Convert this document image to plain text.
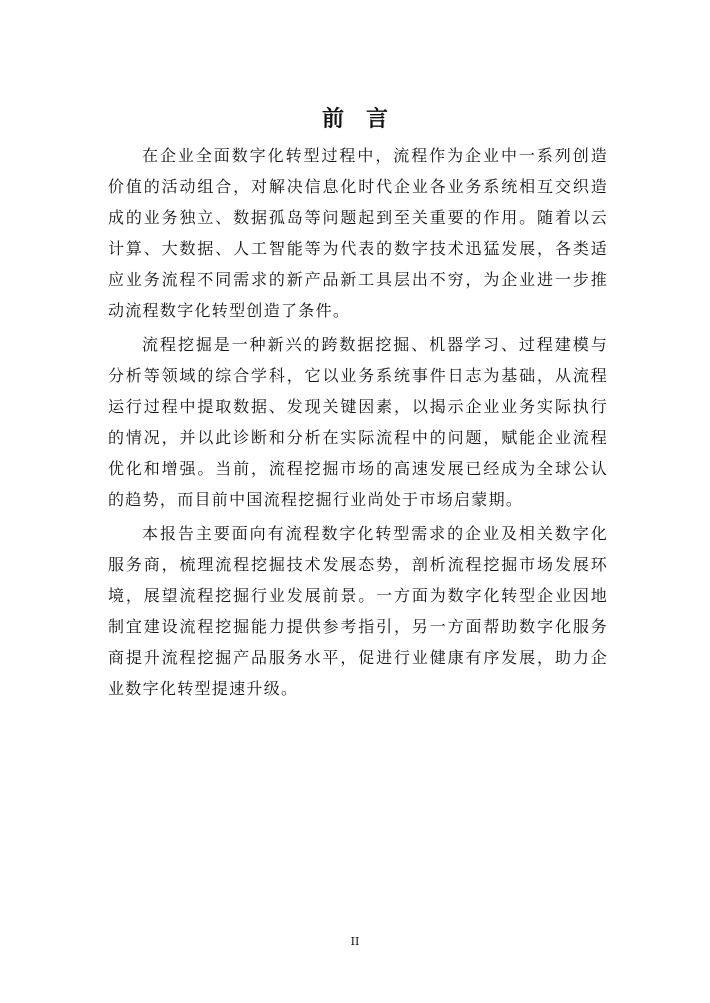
前言

在企业全面数字化转型过程中，流程作为企业中一系列创造价值的活动组合，对解决信息化时代企业各业务系统相互交织造成的业务独立、数据孤岛等问题起到至关重要的作用。随着以云计算、大数据、人工智能等为代表的数字技术迅猛发展，各类适应业务流程不同需求的新产品新工具层出不穷，为企业进一步推动流程数字化转型创造了条件。

流程挖掘是一种新兴的跨数据挖掘、机器学习、过程建模与分析等领域的综合学科，它以业务系统事件日志为基础，从流程运行过程中提取数据、发现关键因素，以揭示企业业务实际执行的情况，并以此诊断和分析在实际流程中的问题，赋能企业流程优化和增强。当前，流程挖掘市场的高速发展已经成为全球公认的趋势，而目前中国流程挖掘行业尚处于市场启蒙期。

本报告主要面向有流程数字化转型需求的企业及相关数字化服务商，梳理流程挖掘技术发展态势，剖析流程挖掘市场发展环境，展望流程挖掘行业发展前景。一方面为数字化转型企业因地制宜建设流程挖掘能力提供参考指引，另一方面帮助数字化服务商提升流程挖掘产品服务水平，促进行业健康有序发展，助力企业数字化转型提速升级。

II
